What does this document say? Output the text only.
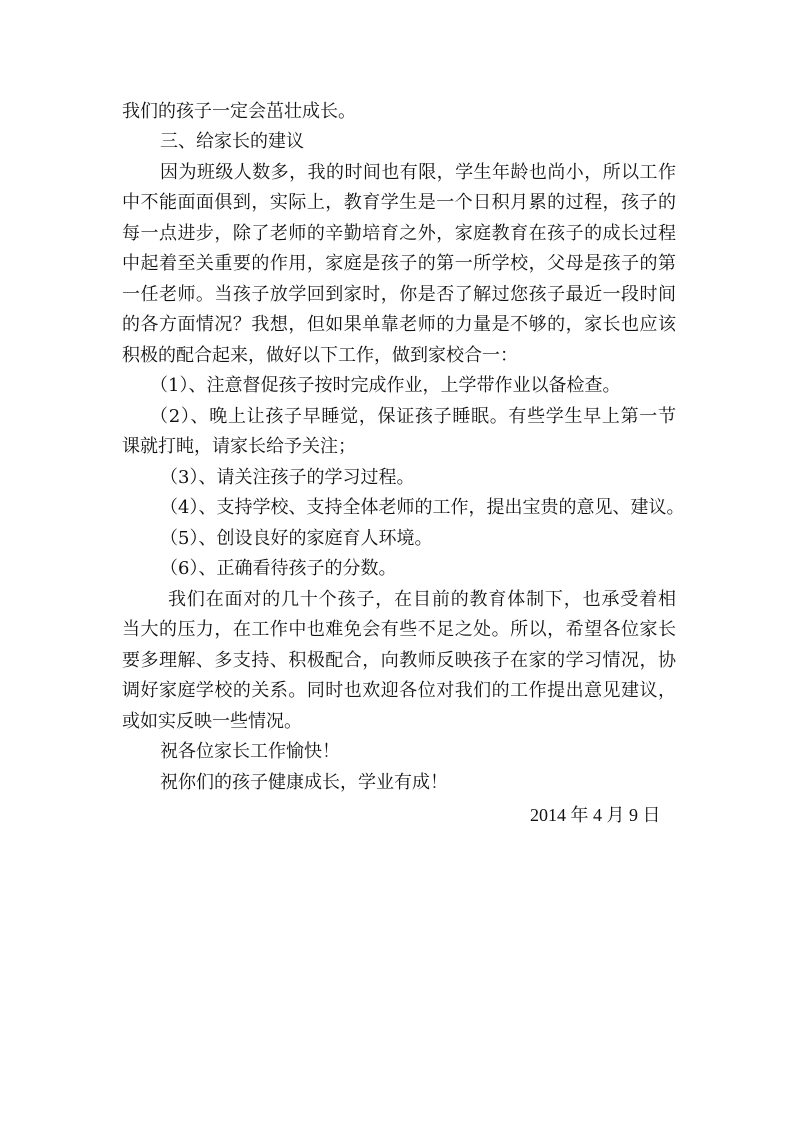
我们的孩子一定会茁壮成长。
三、给家长的建议
因为班级人数多，我的时间也有限，学生年龄也尚小，所以工作
中不能面面俱到，实际上，教育学生是一个日积月累的过程，孩子的
每一点进步，除了老师的辛勤培育之外，家庭教育在孩子的成长过程
中起着至关重要的作用，家庭是孩子的第一所学校，父母是孩子的第
一任老师。当孩子放学回到家时，你是否了解过您孩子最近一段时间
的各方面情况？我想，但如果单靠老师的力量是不够的，家长也应该
积极的配合起来，做好以下工作，做到家校合一：
（1）、注意督促孩子按时完成作业，上学带作业以备检查。
（2）、晚上让孩子早睡觉，保证孩子睡眠。有些学生早上第一节
课就打盹，请家长给予关注；
（3）、请关注孩子的学习过程。
（4）、支持学校、支持全体老师的工作，提出宝贵的意见、建议。
（5）、创设良好的家庭育人环境。
（6）、正确看待孩子的分数。
我们在面对的几十个孩子，在目前的教育体制下，也承受着相
当大的压力，在工作中也难免会有些不足之处。所以，希望各位家长
要多理解、多支持、积极配合，向教师反映孩子在家的学习情况，协
调好家庭学校的关系。同时也欢迎各位对我们的工作提出意见建议，
或如实反映一些情况。
祝各位家长工作愉快！
祝你们的孩子健康成长，学业有成！
2014 年 4 月 9 日
